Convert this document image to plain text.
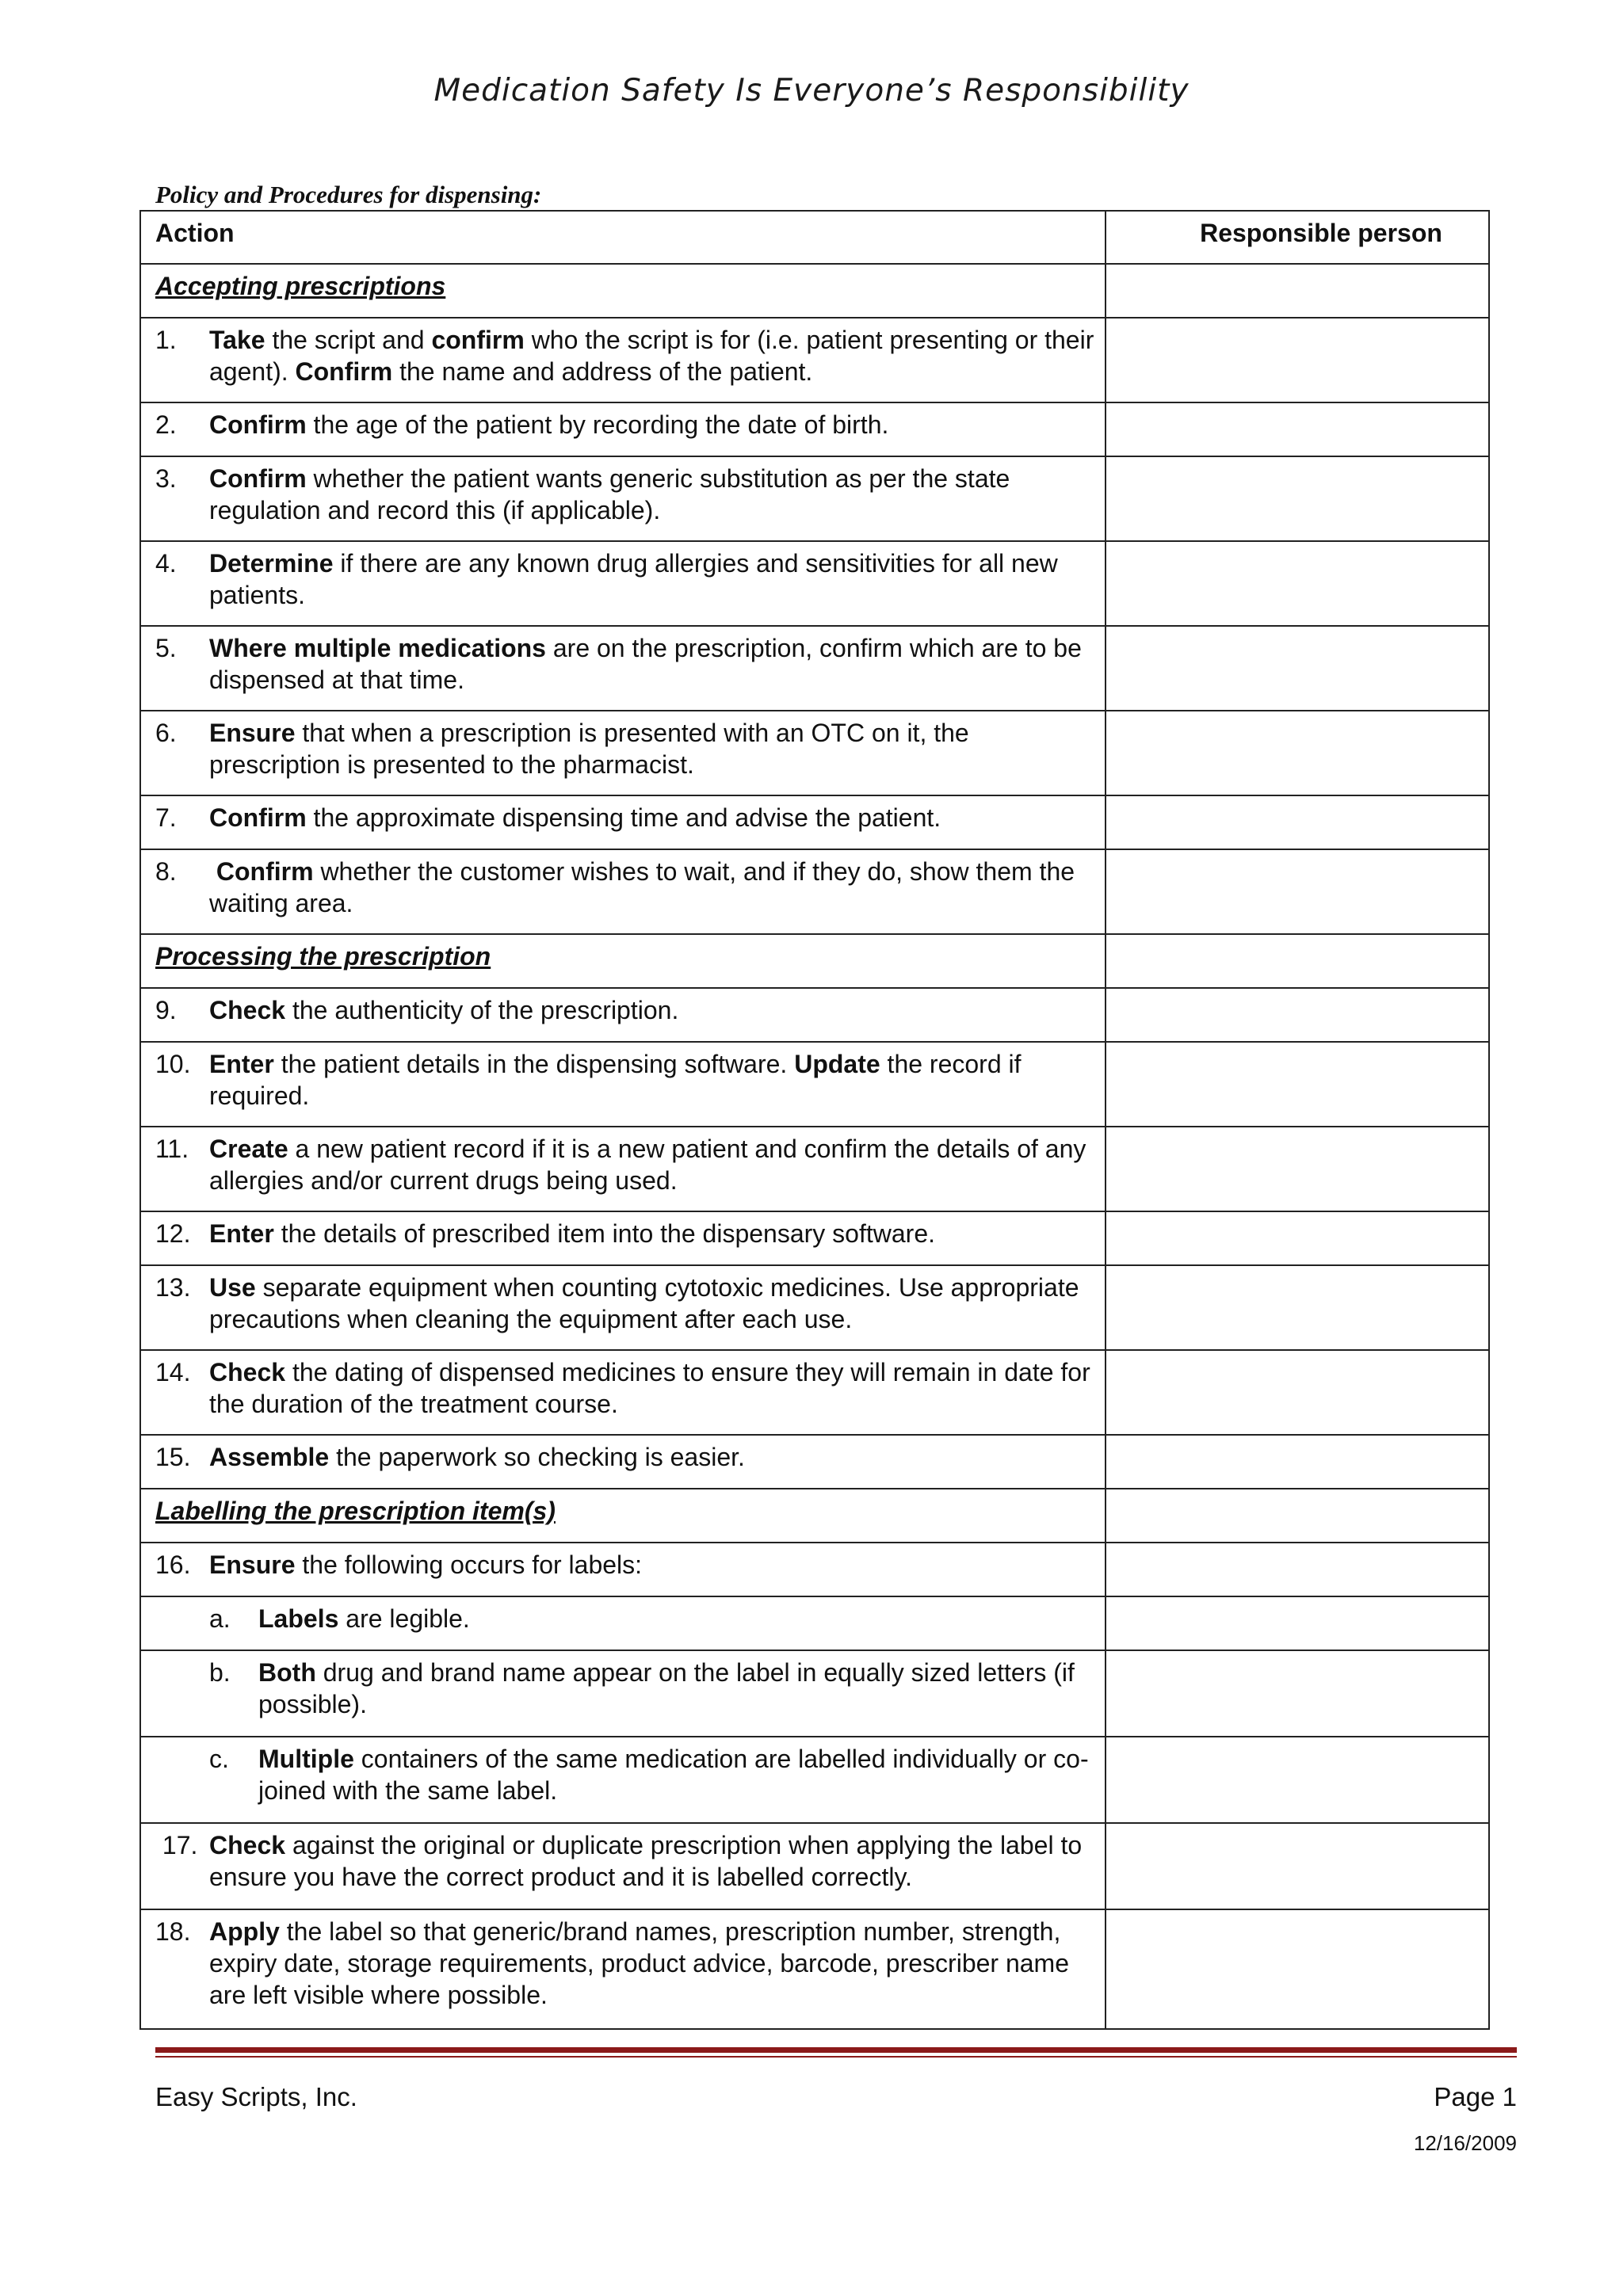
Medication Safety Is Everyone’s Responsibility
Policy and Procedures for dispensing:
Action	Responsible person
Accepting prescriptions	

1. Take the script and confirm who the script is for (i.e. patient presenting or their agent). Confirm the name and address of the patient.	

2. Confirm the age of the patient by recording the date of birth.	

3. Confirm whether the patient wants generic substitution as per the state regulation and record this (if applicable).	

4. Determine if there are any known drug allergies and sensitivities for all new patients.	

5. Where multiple medications are on the prescription, confirm which are to be dispensed at that time.	

6. Ensure that when a prescription is presented with an OTC on it, the prescription is presented to the pharmacist.	

7. Confirm the approximate dispensing time and advise the patient.	

8. Confirm whether the customer wishes to wait, and if they do, show them the waiting area.	

Processing the prescription	

9. Check the authenticity of the prescription.	

10. Enter the patient details in the dispensing software. Update the record if required.	

11. Create a new patient record if it is a new patient and confirm the details of any allergies and/or current drugs being used.	

12. Enter the details of prescribed item into the dispensary software.	

13. Use separate equipment when counting cytotoxic medicines. Use appropriate precautions when cleaning the equipment after each use.	

14. Check the dating of dispensed medicines to ensure they will remain in date for the duration of the treatment course.	

15. Assemble the paperwork so checking is easier.	

Labelling the prescription item(s)	

16. Ensure the following occurs for labels:	

a. Labels are legible.	

b. Both drug and brand name appear on the label in equally sized letters (if possible).	

c. Multiple containers of the same medication are labelled individually or co-joined with the same label.	

17. Check against the original or duplicate prescription when applying the label to ensure you have the correct product and it is labelled correctly.	

18. Apply the label so that generic/brand names, prescription number, strength, expiry date, storage requirements, product advice, barcode, prescriber name are left visible where possible.	

Easy Scripts, Inc.	Page 1
12/16/2009
